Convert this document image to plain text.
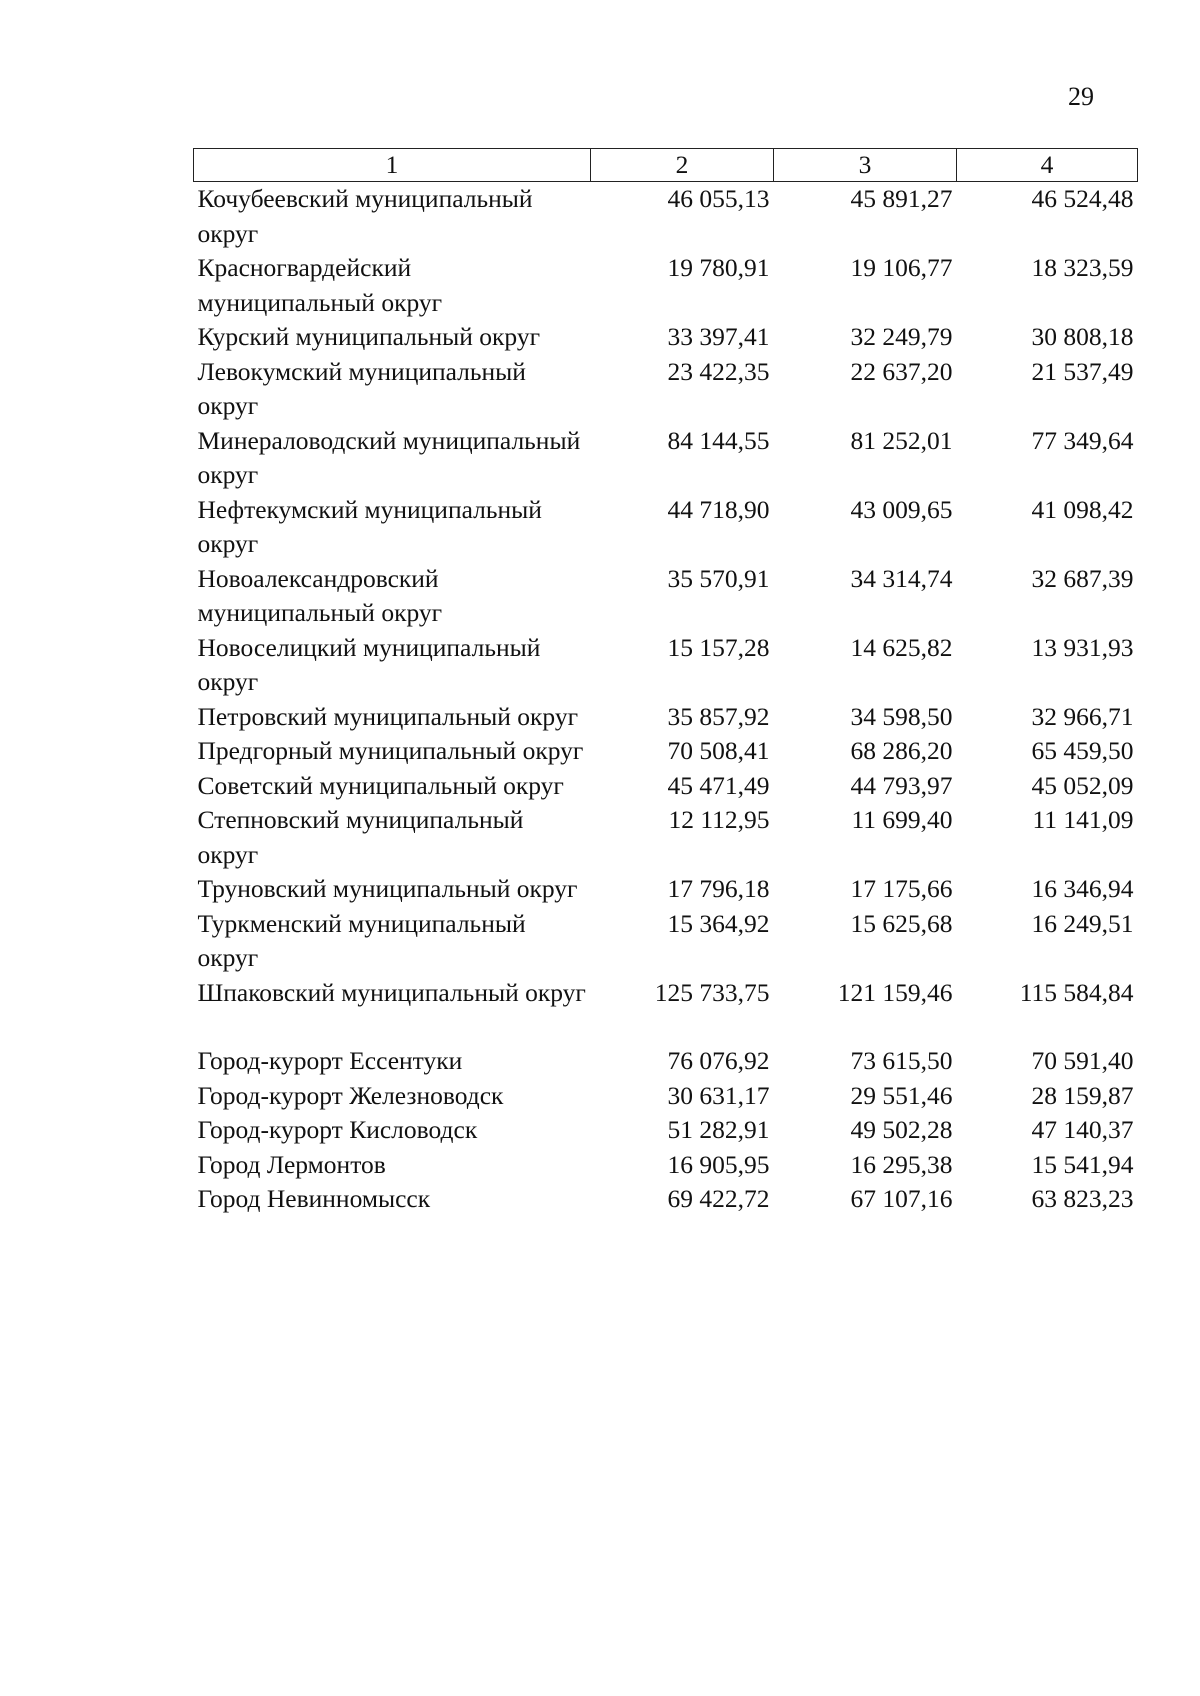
29
1	2	3	4
Кочубеевский муниципальный округ	46 055,13	45 891,27	46 524,48
Красногвардейский муниципальный округ	19 780,91	19 106,77	18 323,59
Курский муниципальный округ	33 397,41	32 249,79	30 808,18
Левокумский муниципальный округ	23 422,35	22 637,20	21 537,49
Минераловодский муниципальный округ	84 144,55	81 252,01	77 349,64
Нефтекумский муниципальный округ	44 718,90	43 009,65	41 098,42
Новоалександровский муниципальный округ	35 570,91	34 314,74	32 687,39
Новоселицкий муниципальный округ	15 157,28	14 625,82	13 931,93
Петровский муниципальный округ	35 857,92	34 598,50	32 966,71
Предгорный муниципальный округ	70 508,41	68 286,20	65 459,50
Советский муниципальный округ	45 471,49	44 793,97	45 052,09
Степновский муниципальный округ	12 112,95	11 699,40	11 141,09
Труновский муниципальный округ	17 796,18	17 175,66	16 346,94
Туркменский муниципальный округ	15 364,92	15 625,68	16 249,51
Шпаковский муниципальный округ	125 733,75	121 159,46	115 584,84

Город-курорт Ессентуки	76 076,92	73 615,50	70 591,40
Город-курорт Железноводск	30 631,17	29 551,46	28 159,87
Город-курорт Кисловодск	51 282,91	49 502,28	47 140,37
Город Лермонтов	16 905,95	16 295,38	15 541,94
Город Невинномысск	69 422,72	67 107,16	63 823,23
